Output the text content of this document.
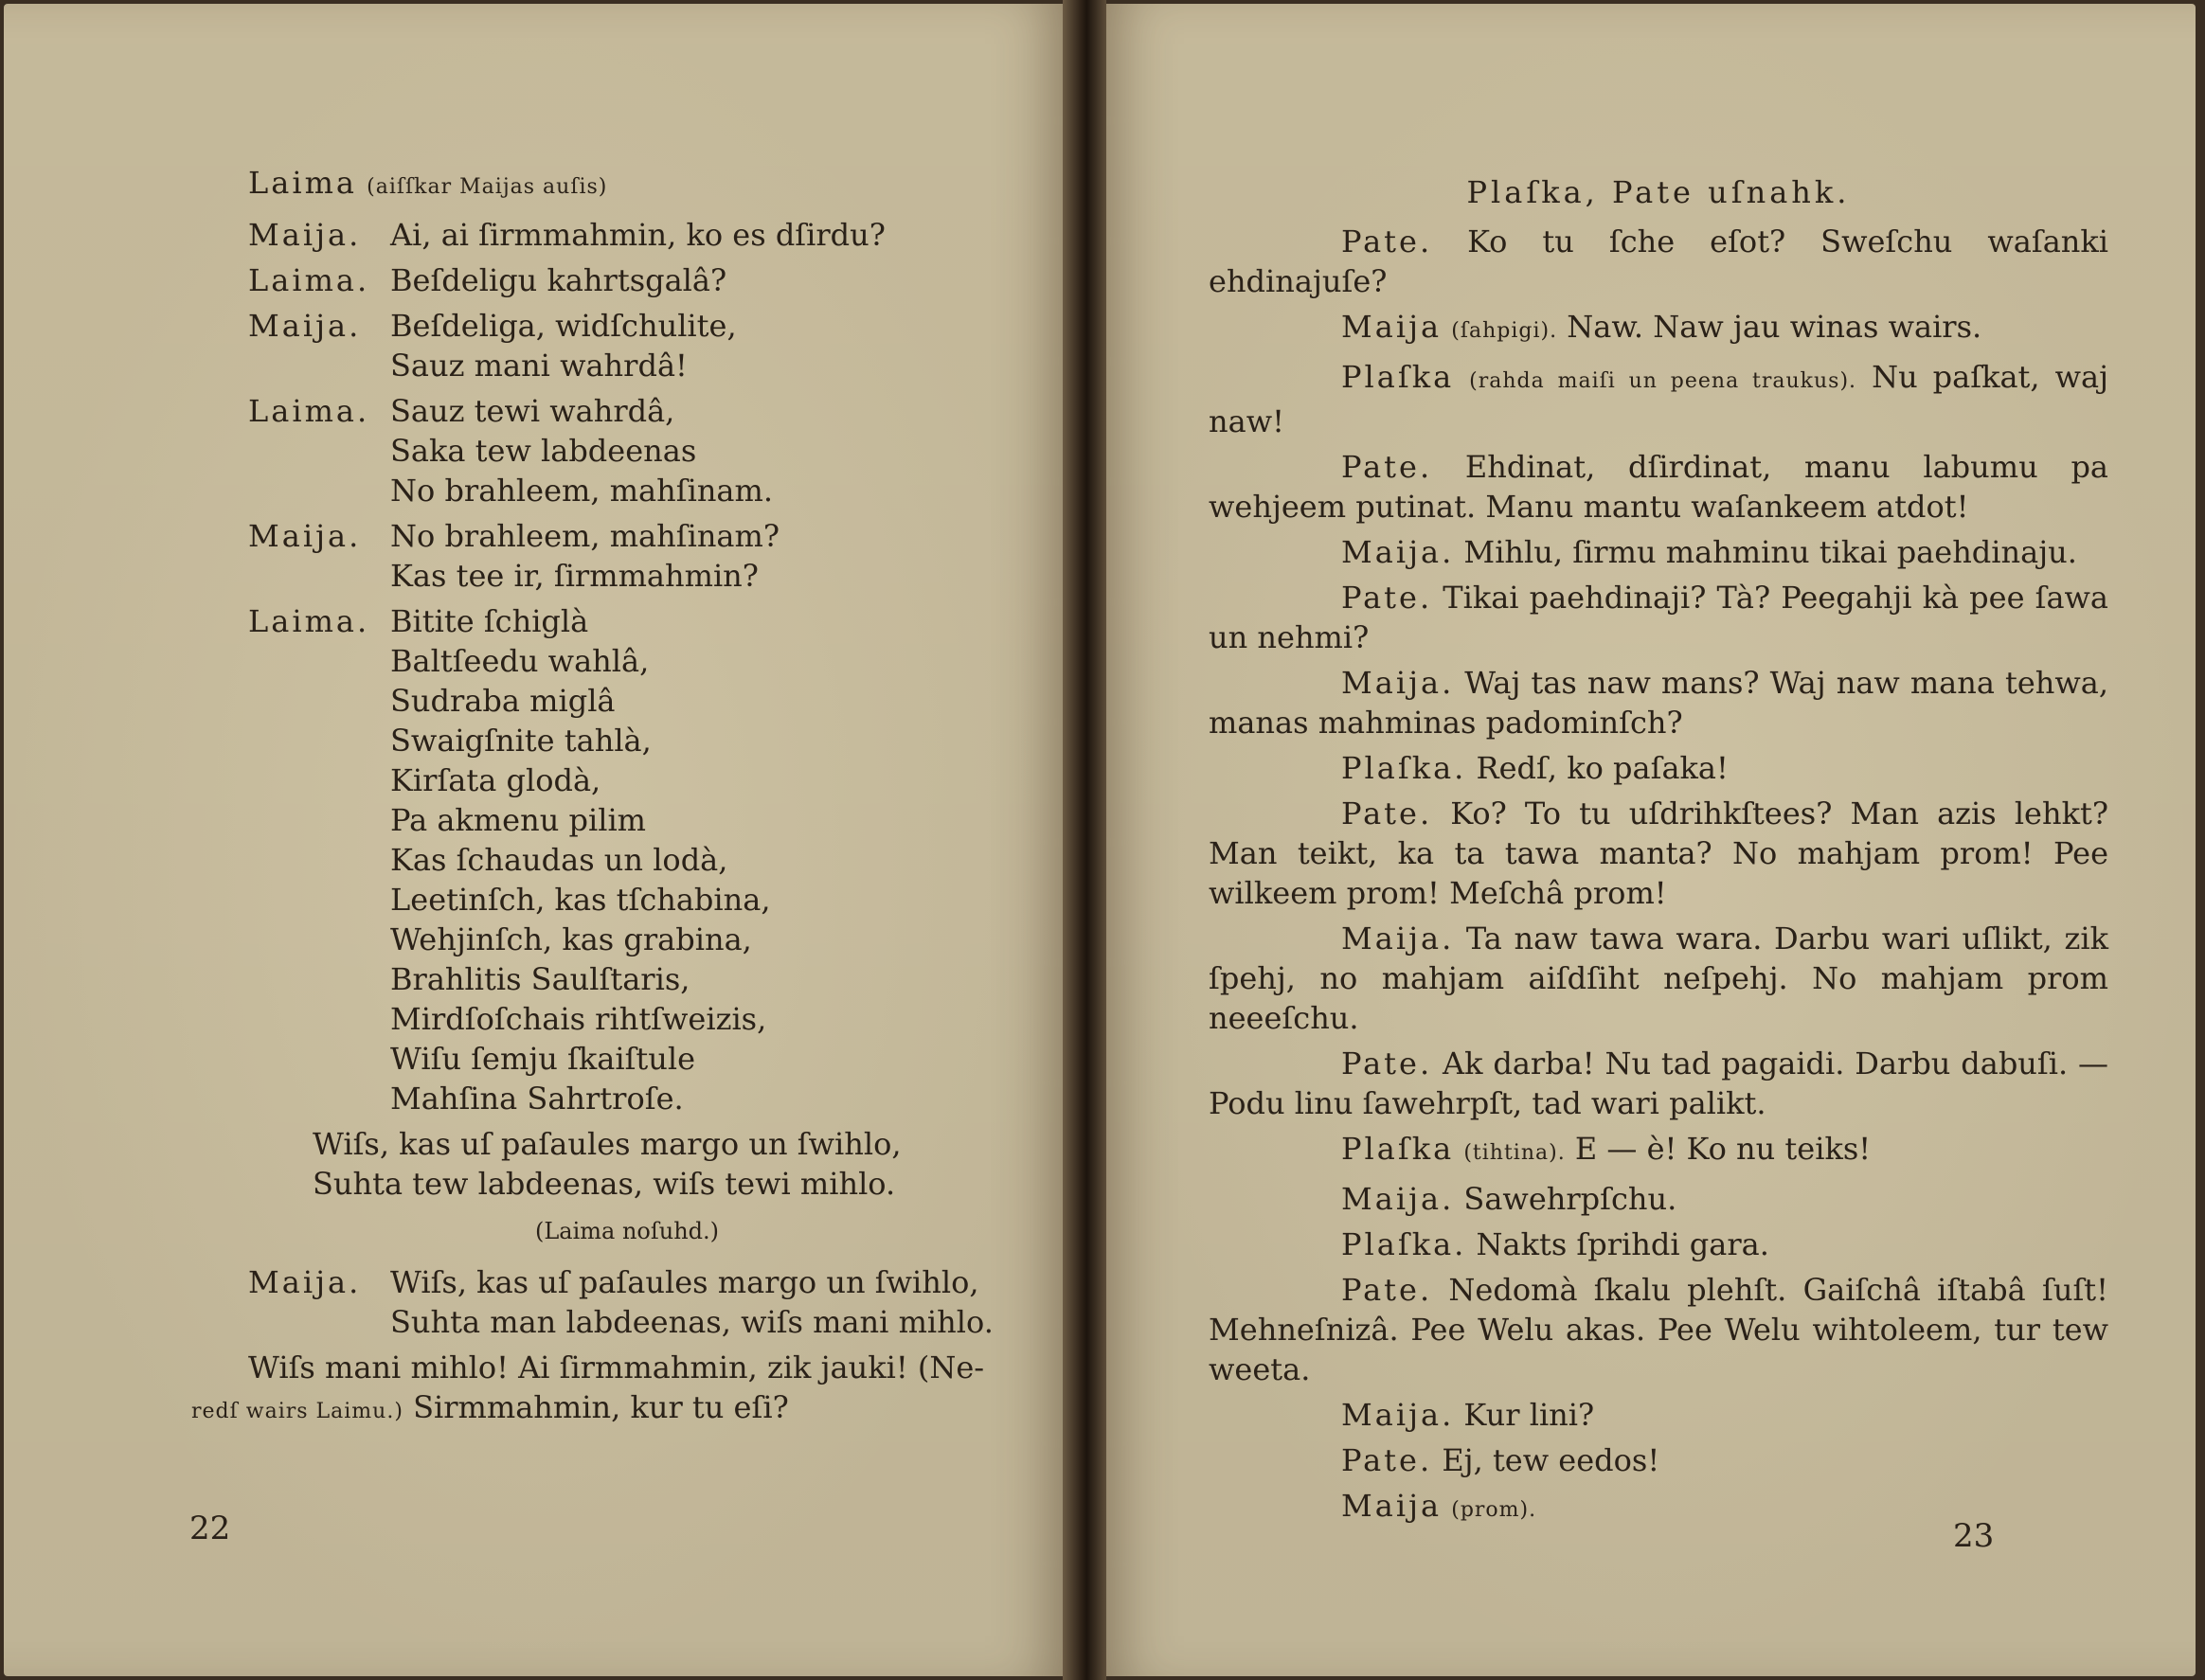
Laima (aiſſkar Maijas auſis)
Maija. Ai, ai ſirmmahmin, ko es dſirdu?
Laima. Beſdeligu kahrtsgalâ?
Maija. Beſdeliga, widſchulite,
Sauz mani wahrdâ!
Laima. Sauz tewi wahrdâ,
Saka tew labdeenas
No brahleem, mahſinam.
Maija. No brahleem, mahſinam?
Kas tee ir, ſirmmahmin?
Laima. Bitite ſchiglà
Baltſeedu wahlâ,
Sudraba miglâ
Swaigſnite tahlà,
Kirſata glodà,
Pa akmenu pilim
Kas ſchaudas un lodà,
Leetinſch, kas tſchabina,
Wehjinſch, kas grabina,
Brahlitis Saulſtaris,
Mirdſoſchais rihtſweizis,
Wiſu ſemju ſkaiſtule
Mahſina Sahrtroſe.
Wiſs, kas uſ paſaules margo un ſwihlo,
Suhta tew labdeenas, wiſs tewi mihlo.
(Laima noſuhd.)
Maija. Wiſs, kas uſ paſaules margo un ſwihlo,
Suhta man labdeenas, wiſs mani mihlo.
Wiſs mani mihlo! Ai ſirmmahmin, zik jauki! (Ne-
redſ wairs Laimu.) Sirmmahmin, kur tu eſi?
22
Plaſka, Pate uſnahk.
Pate. Ko tu ſche eſot? Sweſchu waſanki ehdinajuſe?
Maija (ſahpigi). Naw. Naw jau winas wairs.
Plaſka (rahda maiſi un peena traukus). Nu paſkat, waj naw!
Pate. Ehdinat, dſirdinat, manu labumu pa wehjeem putinat. Manu mantu waſankeem atdot!
Maija. Mihlu, ſirmu mahminu tikai paehdinaju.
Pate. Tikai paehdinaji? Tà? Peegahji kà pee ſawa un nehmi?
Maija. Waj tas naw mans? Waj naw mana tehwa, manas mahminas padominſch?
Plaſka. Redſ, ko paſaka!
Pate. Ko? To tu uſdrihkſtees? Man azis lehkt? Man teikt, ka ta tawa manta? No mahjam prom! Pee wilkeem prom! Meſchâ prom!
Maija. Ta naw tawa wara. Darbu wari uſlikt, zik ſpehj, no mahjam aiſdſiht neſpehj. No mahjam prom neeeſchu.
Pate. Ak darba! Nu tad pagaidi. Darbu dabuſi. — Podu linu ſawehrpſt, tad wari palikt.
Plaſka (tihtina). E — è! Ko nu teiks!
Maija. Sawehrpſchu.
Plaſka. Nakts ſprihdi gara.
Pate. Nedomà ſkalu plehſt. Gaiſchâ iſtabâ ſuſt! Mehneſnizâ. Pee Welu akas. Pee Welu wihtoleem, tur tew weeta.
Maija. Kur lini?
Pate. Ej, tew eedos!
Maija (prom).
23
